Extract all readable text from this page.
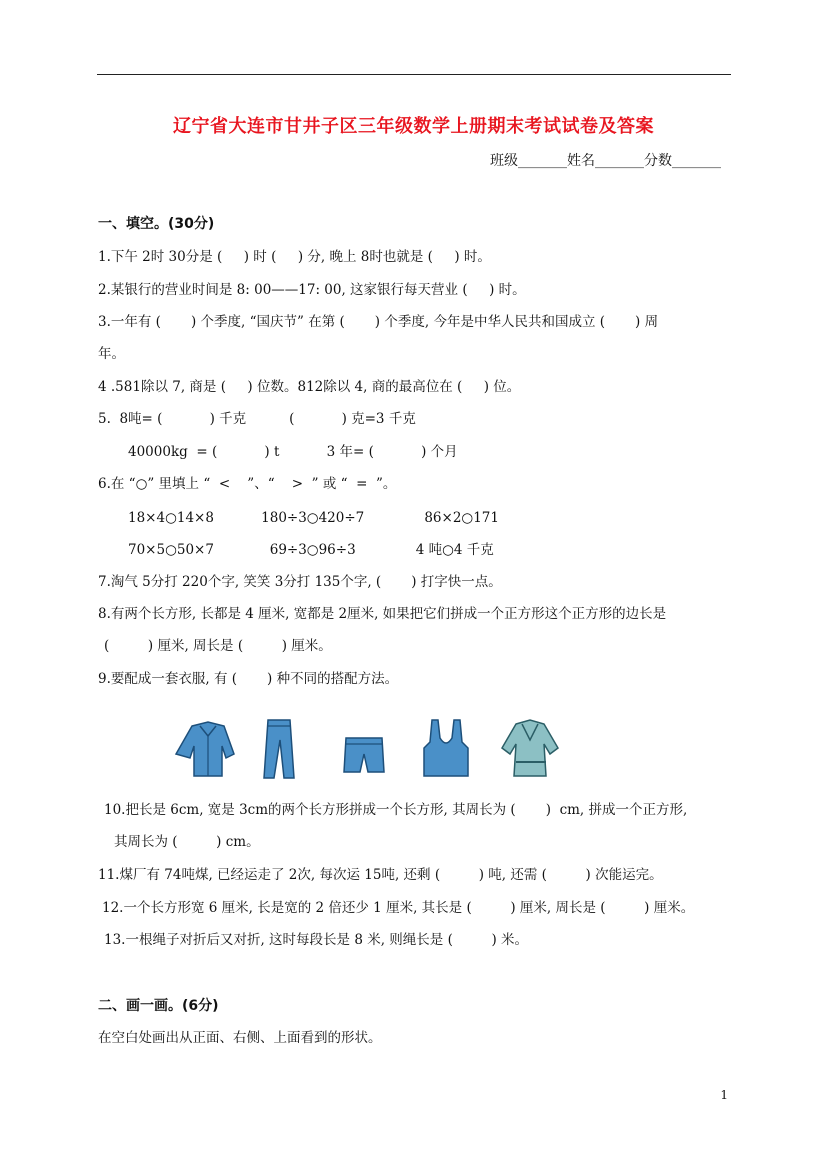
辽宁省大连市甘井子区三年级数学上册期末考试试卷及答案
班级_______姓名_______分数_______
一、填空。(30分)
1.下午 2时 30分是 (     ) 时 (     ) 分, 晚上 8时也就是 (     ) 时。
2.某银行的营业时间是 8: 00——17: 00, 这家银行每天营业 (     ) 时。
3.一年有 (       ) 个季度, “国庆节” 在第 (       ) 个季度, 今年是中华人民共和国成立 (       ) 周
年。
4 .581除以 7, 商是 (     ) 位数。812除以 4, 商的最高位在 (     ) 位。
5.  8吨= (           ) 千克          (           ) 克=3 千克
40000kg  = (           ) t           3 年= (           ) 个月
6.在 “○” 里填上 “  <    ”、“    >  ” 或 “  =  ”。
18×4○14×8           180÷3○420÷7              86×2○171
70×5○50×7             69÷3○96÷3              4 吨○4 千克
7.淘气 5分打 220个字, 笑笑 3分打 135个字, (       ) 打字快一点。
8.有两个长方形, 长都是 4 厘米, 宽都是 2厘米, 如果把它们拼成一个正方形这个正方形的边长是
(         ) 厘米, 周长是 (         ) 厘米。
9.要配成一套衣服, 有 (       ) 种不同的搭配方法。
10.把长是 6cm, 宽是 3cm的两个长方形拼成一个长方形, 其周长为 (       )  cm, 拼成一个正方形,
其周长为 (         ) cm。
11.煤厂有 74吨煤, 已经运走了 2次, 每次运 15吨, 还剩 (         ) 吨, 还需 (         ) 次能运完。
12.一个长方形宽 6 厘米, 长是宽的 2 倍还少 1 厘米, 其长是 (         ) 厘米, 周长是 (         ) 厘米。
13.一根绳子对折后又对折, 这时每段长是 8 米, 则绳长是 (         ) 米。
二、画一画。(6分)
在空白处画出从正面、右侧、上面看到的形状。
1
